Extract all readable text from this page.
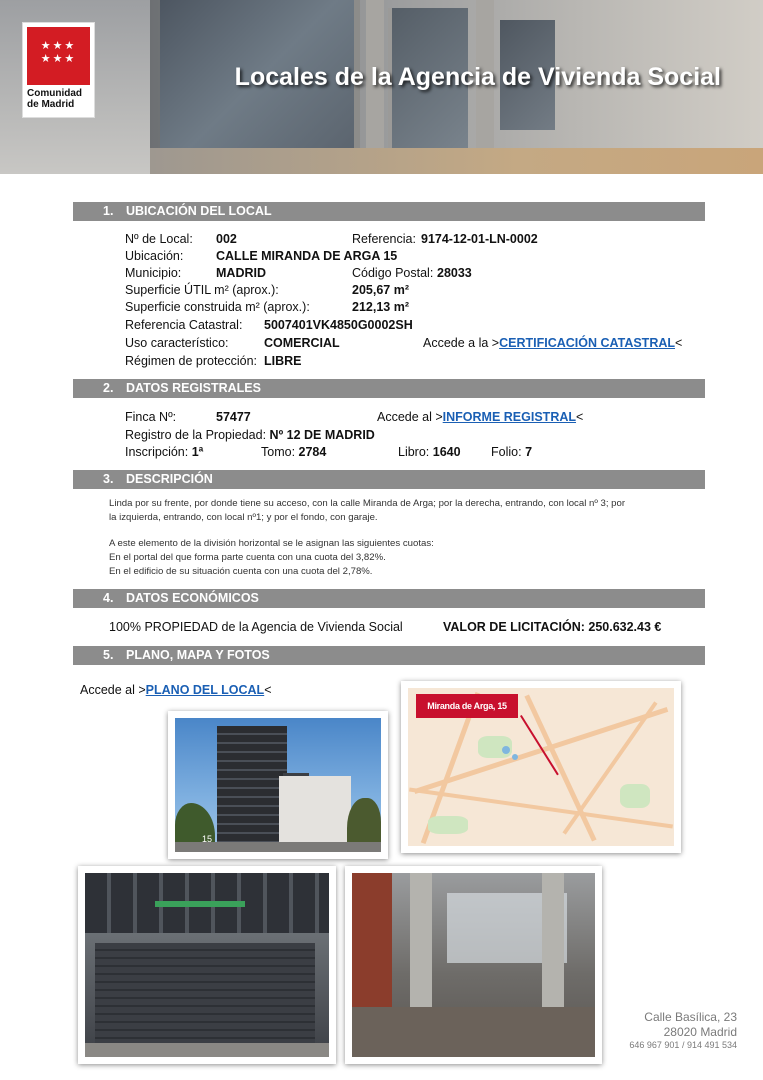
★★★
★★★
Comunidad
de Madrid
Locales de la Agencia de Vivienda Social
1. UBICACIÓN DEL LOCAL
Nº de Local: 002	Referencia: 9174-12-01-LN-0002
Ubicación:	CALLE MIRANDA DE ARGA 15
Municipio:	MADRID	Código Postal: 28033
Superficie ÚTIL m² (aprox.):	205,67 m²
Superficie construida m² (aprox.):	212,13 m²
Referencia Catastral: 5007401VK4850G0002SH
Uso característico:	COMERCIAL	Accede a la >CERTIFICACIÓN CATASTRAL<
Régimen de protección: LIBRE
2. DATOS REGISTRALES
Finca Nº:	57477	Accede al >INFORME REGISTRAL<
Registro de la Propiedad: Nº 12 DE MADRID
Inscripción: 1ª	Tomo: 2784	Libro: 1640 Folio: 7
3. DESCRIPCIÓN
Linda por su frente, por donde tiene su acceso, con la calle Miranda de Arga; por la derecha, entrando, con local nº 3; por
la izquierda, entrando, con local nº1; y por el fondo, con garaje.
A este elemento de la división horizontal se le asignan las siguientes cuotas:
En el portal del que forma parte cuenta con una cuota del 3,82%.
En el edificio de su situación cuenta con una cuota del 2,78%.
4. DATOS ECONÓMICOS
100% PROPIEDAD de la Agencia de Vivienda Social	VALOR DE LICITACIÓN: 250.632.43 €
5. PLANO, MAPA Y FOTOS
Accede al >PLANO DEL LOCAL<
15
Miranda de Arga, 15
Calle Basílica, 23
28020 Madrid
646 967 901 / 914 491 534
